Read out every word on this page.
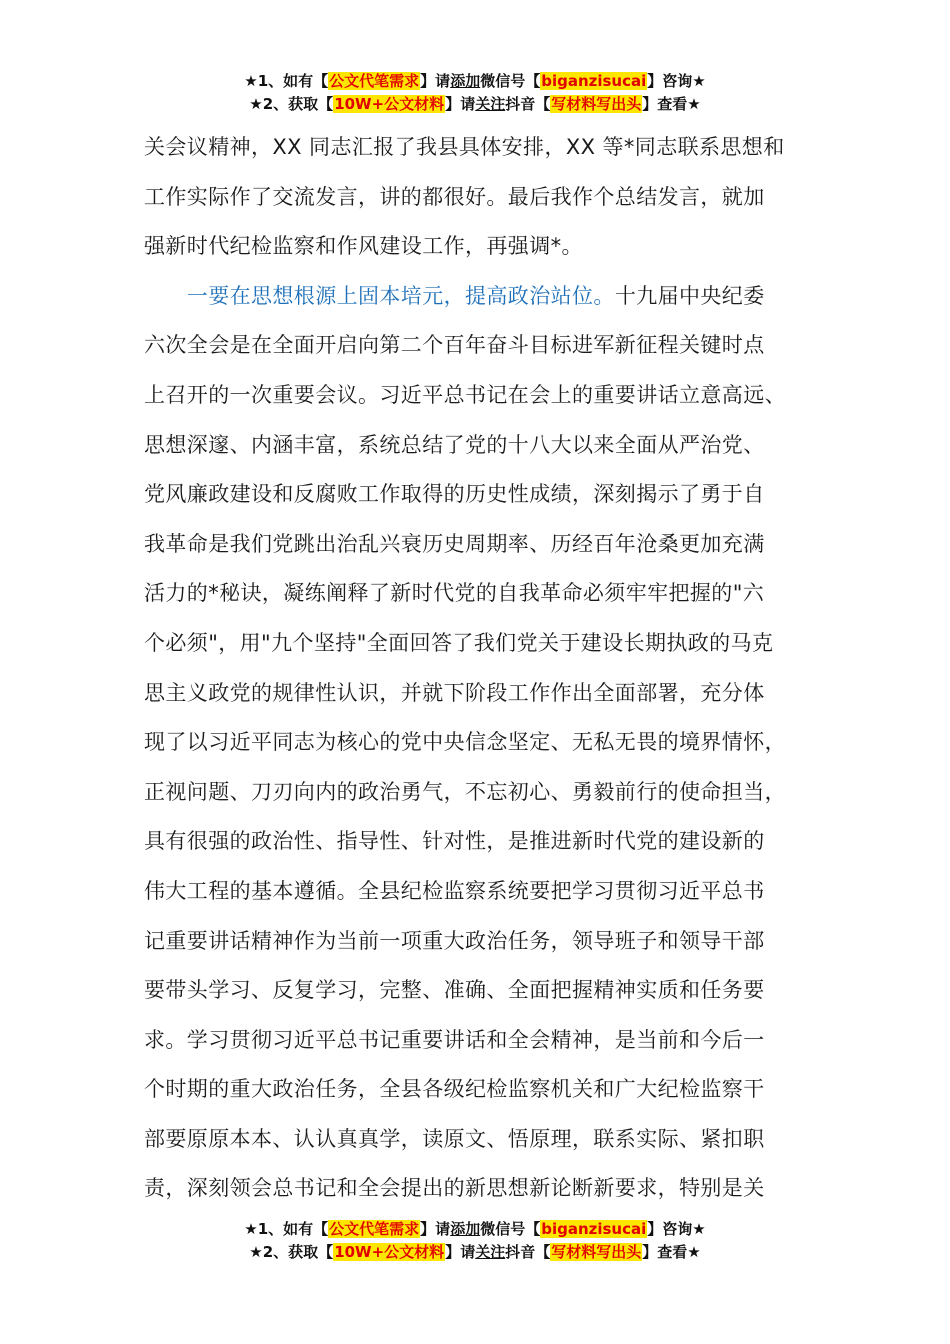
★1、如有【公文代笔需求】请添加微信号【biganzisucai】咨询★
★2、获取【10W+公文材料】请关注抖音【写材料写出头】查看★
关会议精神，XX 同志汇报了我县具体安排，XX 等*同志联系思想和
工作实际作了交流发言，讲的都很好。最后我作个总结发言，就加
强新时代纪检监察和作风建设工作，再强调*。
　　一要在思想根源上固本培元，提高政治站位。十九届中央纪委
六次全会是在全面开启向第二个百年奋斗目标进军新征程关键时点
上召开的一次重要会议。习近平总书记在会上的重要讲话立意高远、
思想深邃、内涵丰富，系统总结了党的十八大以来全面从严治党、
党风廉政建设和反腐败工作取得的历史性成绩，深刻揭示了勇于自
我革命是我们党跳出治乱兴衰历史周期率、历经百年沧桑更加充满
活力的*秘诀，凝练阐释了新时代党的自我革命必须牢牢把握的"六
个必须"，用"九个坚持"全面回答了我们党关于建设长期执政的马克
思主义政党的规律性认识，并就下阶段工作作出全面部署，充分体
现了以习近平同志为核心的党中央信念坚定、无私无畏的境界情怀，
正视问题、刀刃向内的政治勇气，不忘初心、勇毅前行的使命担当，
具有很强的政治性、指导性、针对性，是推进新时代党的建设新的
伟大工程的基本遵循。全县纪检监察系统要把学习贯彻习近平总书
记重要讲话精神作为当前一项重大政治任务，领导班子和领导干部
要带头学习、反复学习，完整、准确、全面把握精神实质和任务要
求。学习贯彻习近平总书记重要讲话和全会精神，是当前和今后一
个时期的重大政治任务，全县各级纪检监察机关和广大纪检监察干
部要原原本本、认认真真学，读原文、悟原理，联系实际、紧扣职
责，深刻领会总书记和全会提出的新思想新论断新要求，特别是关
★1、如有【公文代笔需求】请添加微信号【biganzisucai】咨询★
★2、获取【10W+公文材料】请关注抖音【写材料写出头】查看★
